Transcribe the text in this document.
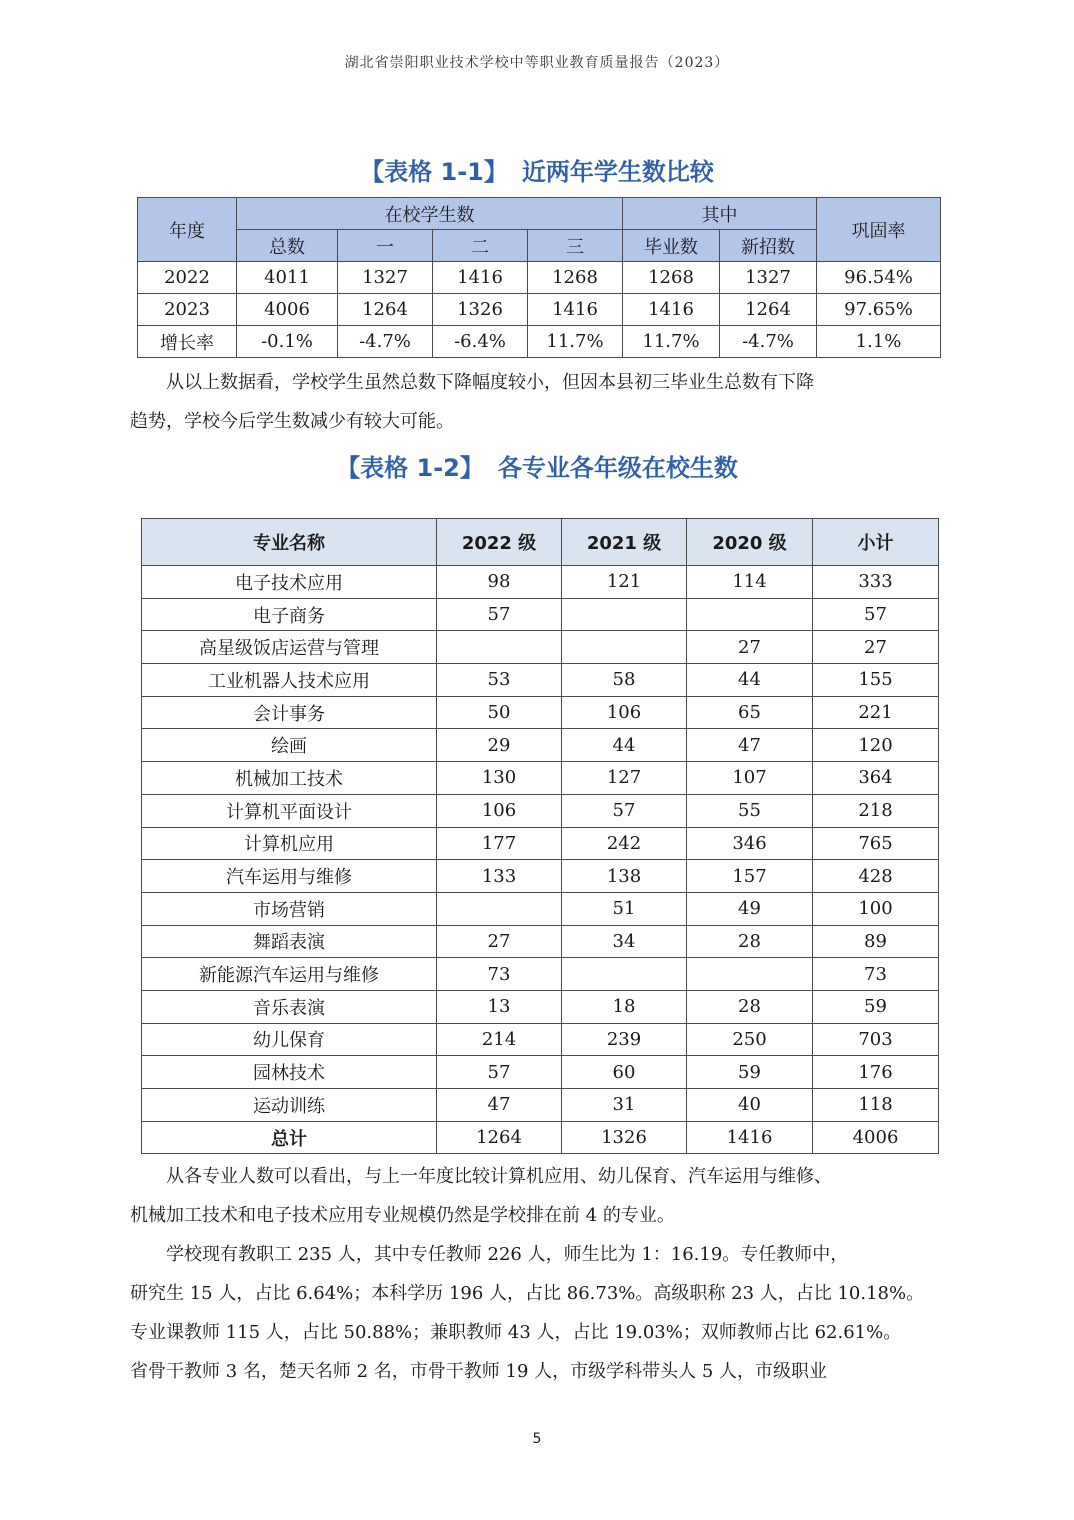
湖北省崇阳职业技术学校中等职业教育质量报告（2023）
【表格 1-1】 近两年学生数比较
年度	在校学生数				其中		巩固率
	总数	一	二	三	毕业数	新招数	
2022	4011	1327	1416	1268	1268	1327	96.54%
2023	4006	1264	1326	1416	1416	1264	97.65%
增长率	-0.1%	-4.7%	-6.4%	11.7%	11.7%	-4.7%	1.1%
从以上数据看，学校学生虽然总数下降幅度较小，但因本县初三毕业生总数有下降
趋势，学校今后学生数减少有较大可能。
【表格 1-2】 各专业各年级在校生数
专业名称	2022 级	2021 级	2020 级	小计
电子技术应用	98	121	114	333
电子商务	57			57
高星级饭店运营与管理			27	27
工业机器人技术应用	53	58	44	155
会计事务	50	106	65	221
绘画	29	44	47	120
机械加工技术	130	127	107	364
计算机平面设计	106	57	55	218
计算机应用	177	242	346	765
汽车运用与维修	133	138	157	428
市场营销		51	49	100
舞蹈表演	27	34	28	89
新能源汽车运用与维修	73			73
音乐表演	13	18	28	59
幼儿保育	214	239	250	703
园林技术	57	60	59	176
运动训练	47	31	40	118
总计	1264	1326	1416	4006
从各专业人数可以看出，与上一年度比较计算机应用、幼儿保育、汽车运用与维修、
机械加工技术和电子技术应用专业规模仍然是学校排在前 4 的专业。
学校现有教职工 235 人，其中专任教师 226 人，师生比为 1：16.19。专任教师中，
研究生 15 人，占比 6.64%；本科学历 196 人，占比 86.73%。高级职称 23 人，占比 10.18%。
专业课教师 115 人，占比 50.88%；兼职教师 43 人，占比 19.03%；双师教师占比 62.61%。
省骨干教师 3 名，楚天名师 2 名，市骨干教师 19 人，市级学科带头人 5 人，市级职业
5
